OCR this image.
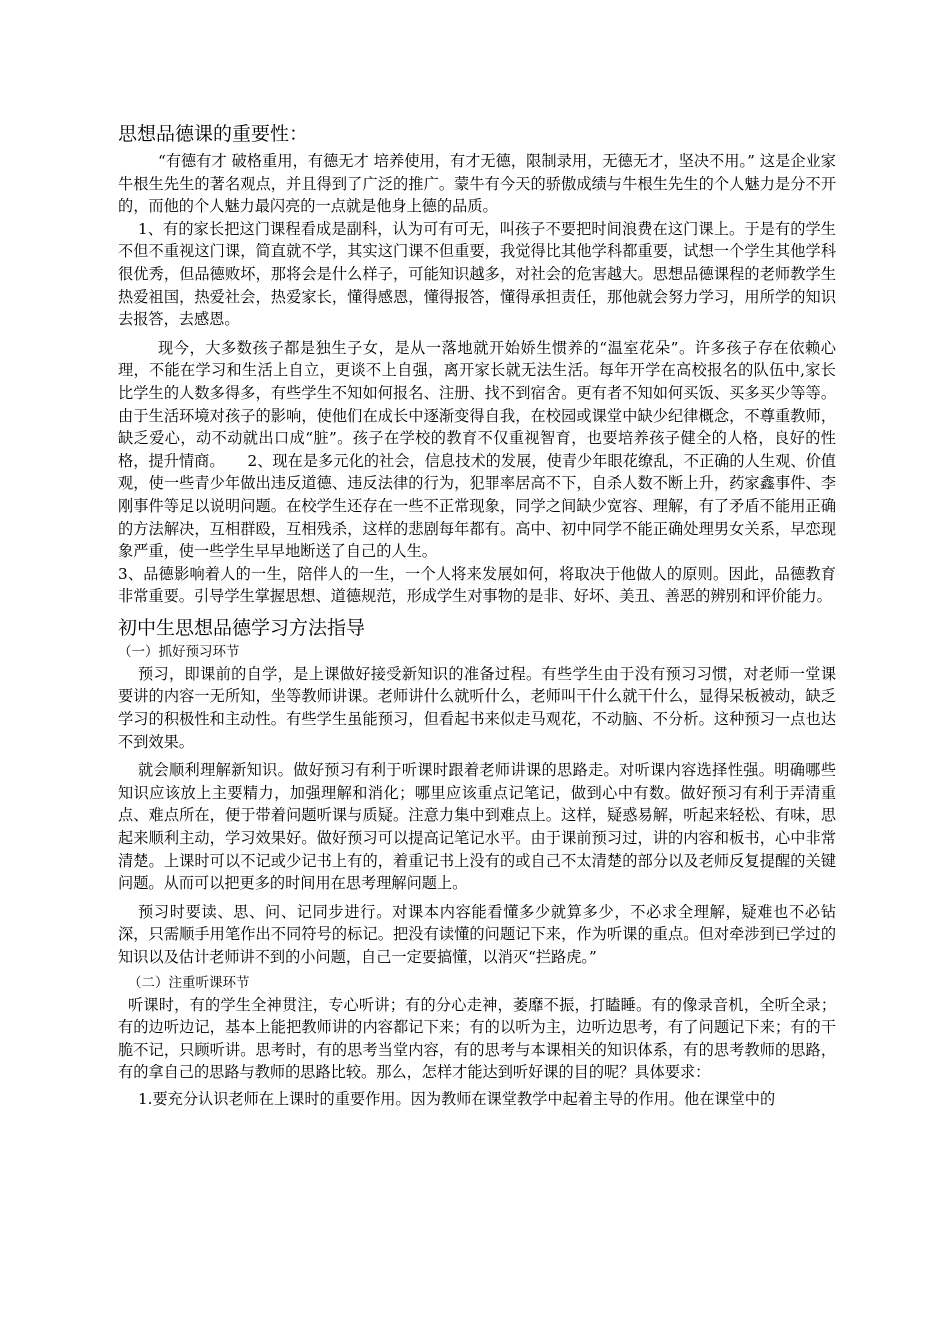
思想品德课的重要性：

“有德有才 破格重用，有德无才 培养使用，有才无德，限制录用，无德无才，坚决不用。” 这是企业家牛根生先生的著名观点，并且得到了广泛的推广。蒙牛有今天的骄傲成绩与牛根生先生的个人魅力是分不开的，而他的个人魅力最闪亮的一点就是他身上德的品质。

1、有的家长把这门课程看成是副科，认为可有可无，叫孩子不要把时间浪费在这门课上。于是有的学生不但不重视这门课，简直就不学，其实这门课不但重要，我觉得比其他学科都重要，试想一个学生其他学科很优秀，但品德败坏，那将会是什么样子，可能知识越多，对社会的危害越大。思想品德课程的老师教学生热爱祖国，热爱社会，热爱家长，懂得感恩，懂得报答，懂得承担责任，那他就会努力学习，用所学的知识去报答，去感恩。

现今，大多数孩子都是独生子女，是从一落地就开始娇生惯养的“温室花朵”。许多孩子存在依赖心理，不能在学习和生活上自立，更谈不上自强，离开家长就无法生活。每年开学在高校报名的队伍中,家长比学生的人数多得多，有些学生不知如何报名、注册、找不到宿舍。更有者不知如何买饭、买多买少等等。 由于生活环境对孩子的影响，使他们在成长中逐渐变得自我，在校园或课堂中缺少纪律概念，不尊重教师，缺乏爱心，动不动就出口成“脏”。孩子在学校的教育不仅重视智育，也要培养孩子健全的人格，良好的性格，提升情商。　　2、现在是多元化的社会，信息技术的发展，使青少年眼花缭乱，不正确的人生观、价值观，使一些青少年做出违反道德、违反法律的行为，犯罪率居高不下，自杀人数不断上升，药家鑫事件、李刚事件等足以说明问题。在校学生还存在一些不正常现象，同学之间缺少宽容、理解，有了矛盾不能用正确的方法解决，互相群殴，互相残杀，这样的悲剧每年都有。高中、初中同学不能正确处理男女关系，早恋现象严重，使一些学生早早地断送了自己的人生。

3、品德影响着人的一生，陪伴人的一生，一个人将来发展如何，将取决于他做人的原则。因此，品德教育非常重要。引导学生掌握思想、道德规范，形成学生对事物的是非、好坏、美丑、善恶的辨别和评价能力。

初中生思想品德学习方法指导
（一）抓好预习环节

预习，即课前的自学，是上课做好接受新知识的准备过程。有些学生由于没有预习习惯，对老师一堂课要讲的内容一无所知，坐等教师讲课。老师讲什么就听什么，老师叫干什么就干什么，显得呆板被动，缺乏学习的积极性和主动性。有些学生虽能预习，但看起书来似走马观花，不动脑、不分析。这种预习一点也达不到效果。

就会顺利理解新知识。做好预习有利于听课时跟着老师讲课的思路走。对听课内容选择性强。明确哪些知识应该放上主要精力，加强理解和消化；哪里应该重点记笔记，做到心中有数。做好预习有利于弄清重点、难点所在，便于带着问题听课与质疑。注意力集中到难点上。这样，疑惑易解，听起来轻松、有味，思起来顺利主动，学习效果好。做好预习可以提高记笔记水平。由于课前预习过，讲的内容和板书，心中非常清楚。上课时可以不记或少记书上有的，着重记书上没有的或自己不太清楚的部分以及老师反复提醒的关键问题。从而可以把更多的时间用在思考理解问题上。

预习时要读、思、问、记同步进行。对课本内容能看懂多少就算多少，不必求全理解，疑难也不必钻深，只需顺手用笔作出不同符号的标记。把没有读懂的问题记下来，作为听课的重点。但对牵涉到已学过的知识以及估计老师讲不到的小问题，自己一定要搞懂，以消灭“拦路虎。”

（二）注重听课环节

听课时，有的学生全神贯注，专心听讲；有的分心走神，萎靡不振，打瞌睡。有的像录音机，全听全录；有的边听边记，基本上能把教师讲的内容都记下来；有的以听为主，边听边思考，有了问题记下来；有的干脆不记，只顾听讲。思考时，有的思考当堂内容，有的思考与本课相关的知识体系，有的思考教师的思路，有的拿自己的思路与教师的思路比较。那么，怎样才能达到听好课的目的呢？具体要求：

1.要充分认识老师在上课时的重要作用。因为教师在课堂教学中起着主导的作用。他在课堂中的
